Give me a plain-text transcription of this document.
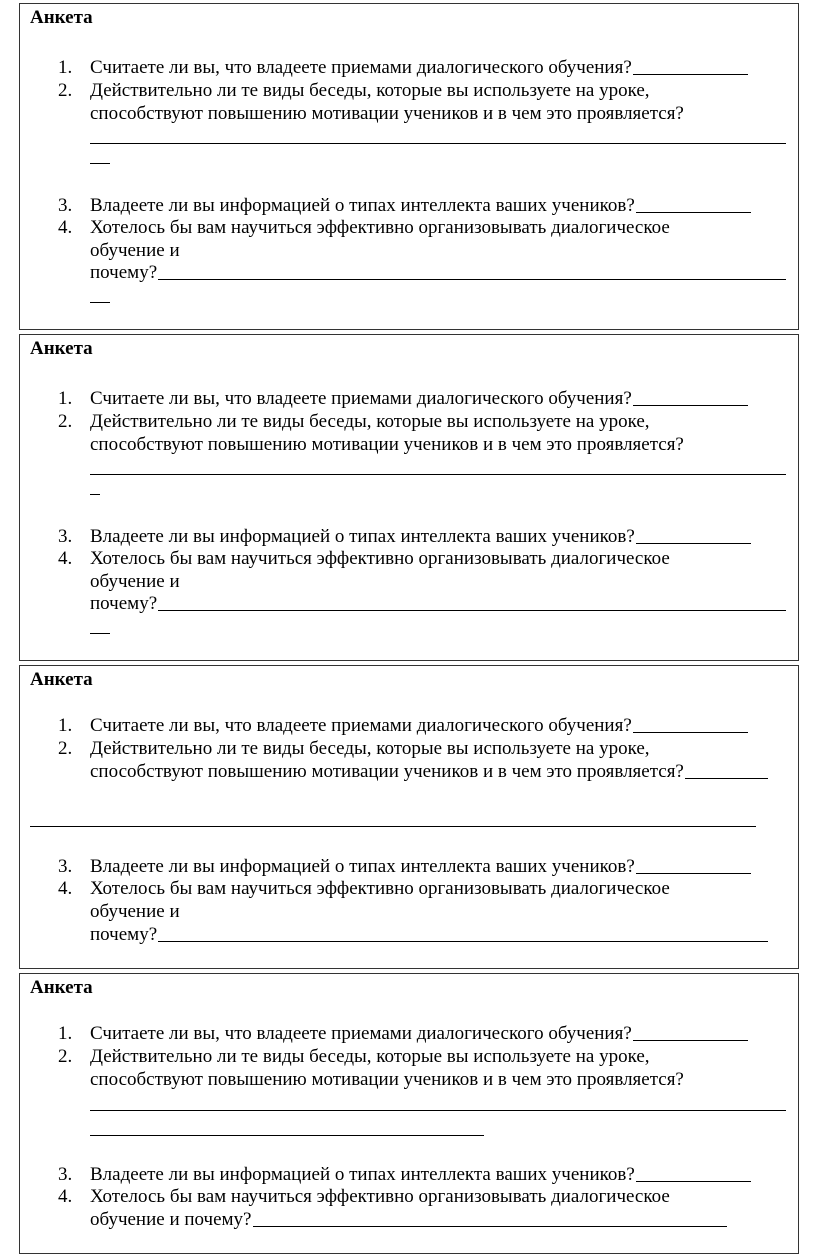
Анкета
1. Считаете ли вы, что владеете приемами диалогического обучения?
2. Действительно ли те виды беседы, которые вы используете на уроке,
способствуют повышению мотивации учеников и в чем это проявляется?
3. Владеете ли вы информацией о типах интеллекта ваших учеников?
4. Хотелось бы вам научиться эффективно организовывать диалогическое
обучение и
почему?
Анкета
1. Считаете ли вы, что владеете приемами диалогического обучения?
2. Действительно ли те виды беседы, которые вы используете на уроке,
способствуют повышению мотивации учеников и в чем это проявляется?
3. Владеете ли вы информацией о типах интеллекта ваших учеников?
4. Хотелось бы вам научиться эффективно организовывать диалогическое
обучение и
почему?
Анкета
1. Считаете ли вы, что владеете приемами диалогического обучения?
2. Действительно ли те виды беседы, которые вы используете на уроке,
способствуют повышению мотивации учеников и в чем это проявляется?
3. Владеете ли вы информацией о типах интеллекта ваших учеников?
4. Хотелось бы вам научиться эффективно организовывать диалогическое
обучение и
почему?
Анкета
1. Считаете ли вы, что владеете приемами диалогического обучения?
2. Действительно ли те виды беседы, которые вы используете на уроке,
способствуют повышению мотивации учеников и в чем это проявляется?
3. Владеете ли вы информацией о типах интеллекта ваших учеников?
4. Хотелось бы вам научиться эффективно организовывать диалогическое
обучение и почему?
